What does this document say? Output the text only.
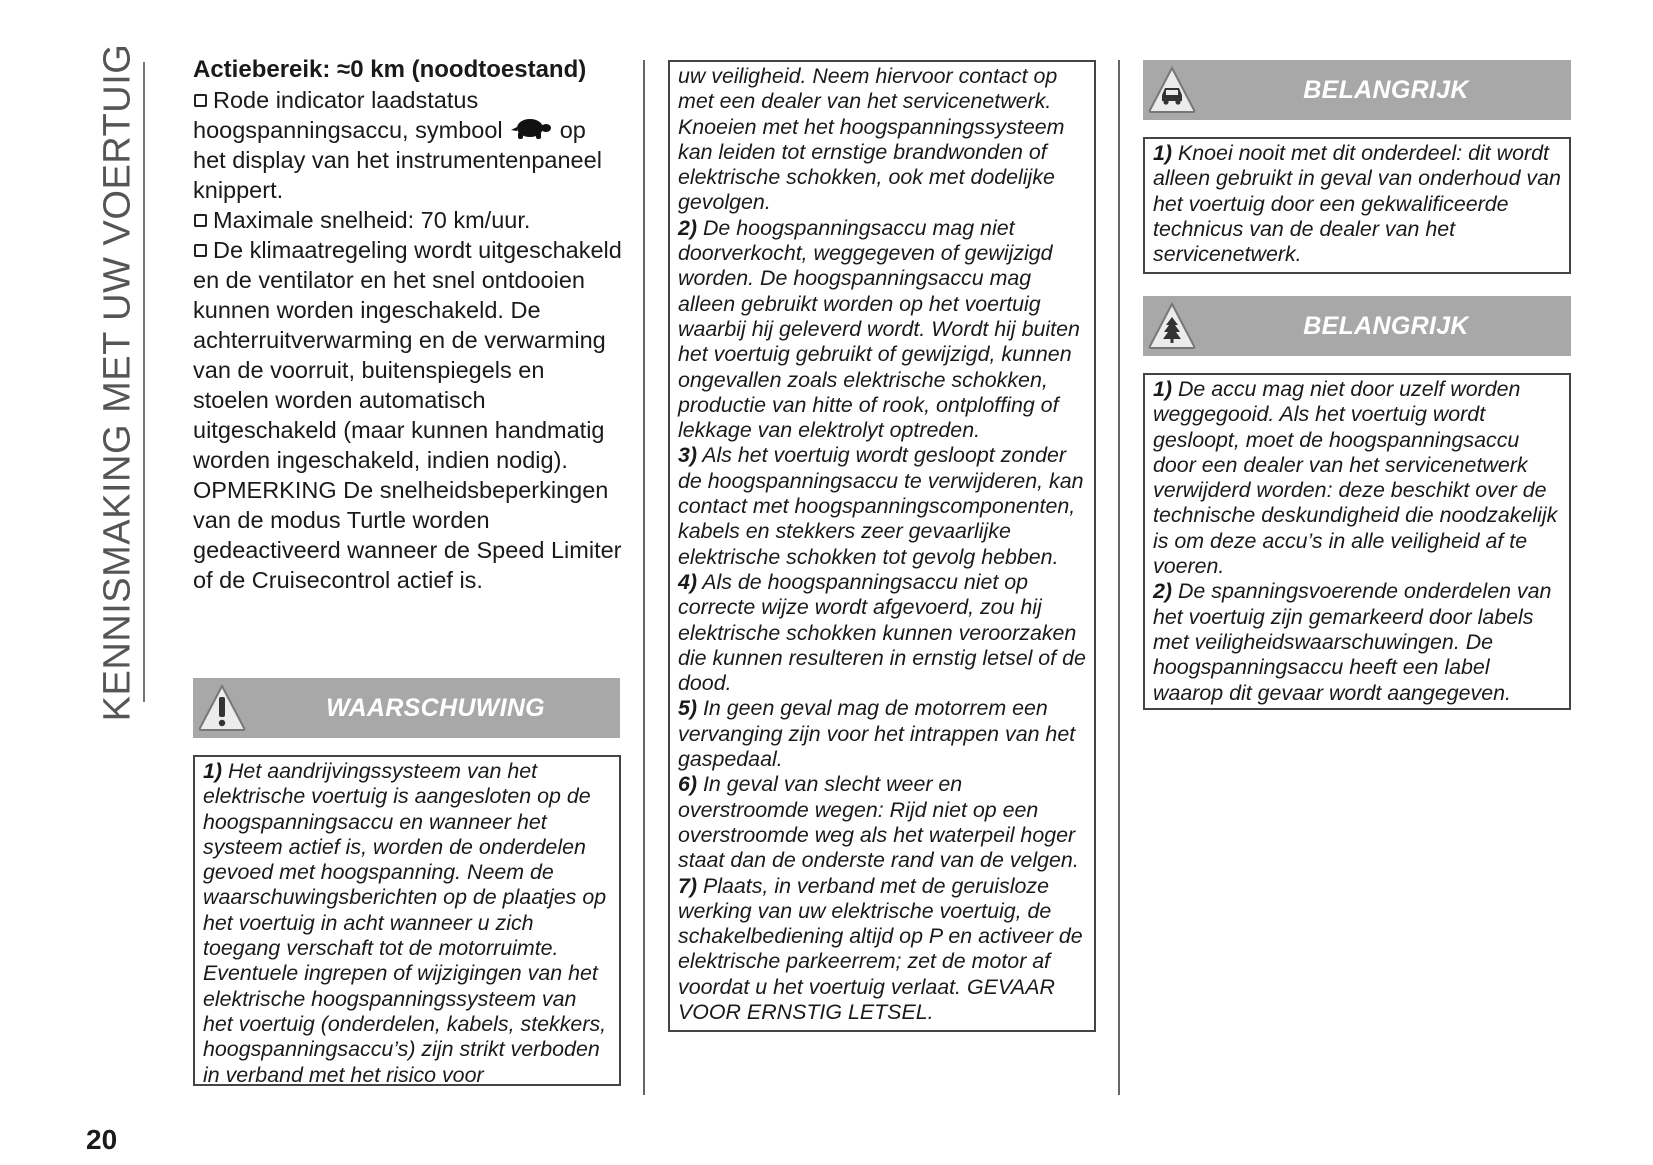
KENNISMAKING MET UW VOERTUIG Actiebereik: ≈0 km (noodtoestand)

Rode indicator laadstatus hoogspanningsaccu, symbool op het display van het instrumentenpaneel knippert.

Maximale snelheid: 70 km/uur.

De klimaatregeling wordt uitgeschakeld en de ventilator en het snel ontdooien kunnen worden ingeschakeld. De achterruitverwarming en de verwarming van de voorruit, buitenspiegels en stoelen worden automatisch uitgeschakeld (maar kunnen handmatig worden ingeschakeld, indien nodig).

OPMERKING De snelheidsbeperkingen van de modus Turtle worden gedeactiveerd wanneer de Speed Limiter of de Cruisecontrol actief is.

WAARSCHUWING

1) Het aandrijvingssysteem van het elektrische voertuig is aangesloten op de hoogspanningsaccu en wanneer het systeem actief is, worden de onderdelen gevoed met hoogspanning. Neem de waarschuwingsberichten op de plaatjes op het voertuig in acht wanneer u zich toegang verschaft tot de motorruimte. Eventuele ingrepen of wijzigingen van het elektrische hoogspanningssysteem van het voertuig (onderdelen, kabels, stekkers, hoogspanningsaccu’s) zijn strikt verboden in verband met het risico voor

uw veiligheid. Neem hiervoor contact op met een dealer van het servicenetwerk. Knoeien met het hoogspanningssysteem kan leiden tot ernstige brandwonden of elektrische schokken, ook met dodelijke gevolgen.

2) De hoogspanningsaccu mag niet doorverkocht, weggegeven of gewijzigd worden. De hoogspanningsaccu mag alleen gebruikt worden op het voertuig waarbij hij geleverd wordt. Wordt hij buiten het voertuig gebruikt of gewijzigd, kunnen ongevallen zoals elektrische schokken, productie van hitte of rook, ontploffing of lekkage van elektrolyt optreden.

3) Als het voertuig wordt gesloopt zonder de hoogspanningsaccu te verwijderen, kan contact met hoogspanningscomponenten, kabels en stekkers zeer gevaarlijke elektrische schokken tot gevolg hebben.

4) Als de hoogspanningsaccu niet op correcte wijze wordt afgevoerd, zou hij elektrische schokken kunnen veroorzaken die kunnen resulteren in ernstig letsel of de dood.

5) In geen geval mag de motorrem een vervanging zijn voor het intrappen van het gaspedaal.

6) In geval van slecht weer en overstroomde wegen: Rijd niet op een overstroomde weg als het waterpeil hoger staat dan de onderste rand van de velgen.

7) Plaats, in verband met de geruisloze werking van uw elektrische voertuig, de schakelbediening altijd op P en activeer de elektrische parkeerrem; zet de motor af voordat u het voertuig verlaat. GEVAAR VOOR ERNSTIG LETSEL.

BELANGRIJK

1) Knoei nooit met dit onderdeel: dit wordt alleen gebruikt in geval van onderhoud van het voertuig door een gekwalificeerde technicus van de dealer van het servicenetwerk.

BELANGRIJK

1) De accu mag niet door uzelf worden weggegooid. Als het voertuig wordt gesloopt, moet de hoogspanningsaccu door een dealer van het servicenetwerk verwijderd worden: deze beschikt over de technische deskundigheid die noodzakelijk is om deze accu’s in alle veiligheid af te voeren.

2) De spanningsvoerende onderdelen van het voertuig zijn gemarkeerd door labels met veiligheidswaarschuwingen. De hoogspanningsaccu heeft een label waarop dit gevaar wordt aangegeven.

20
